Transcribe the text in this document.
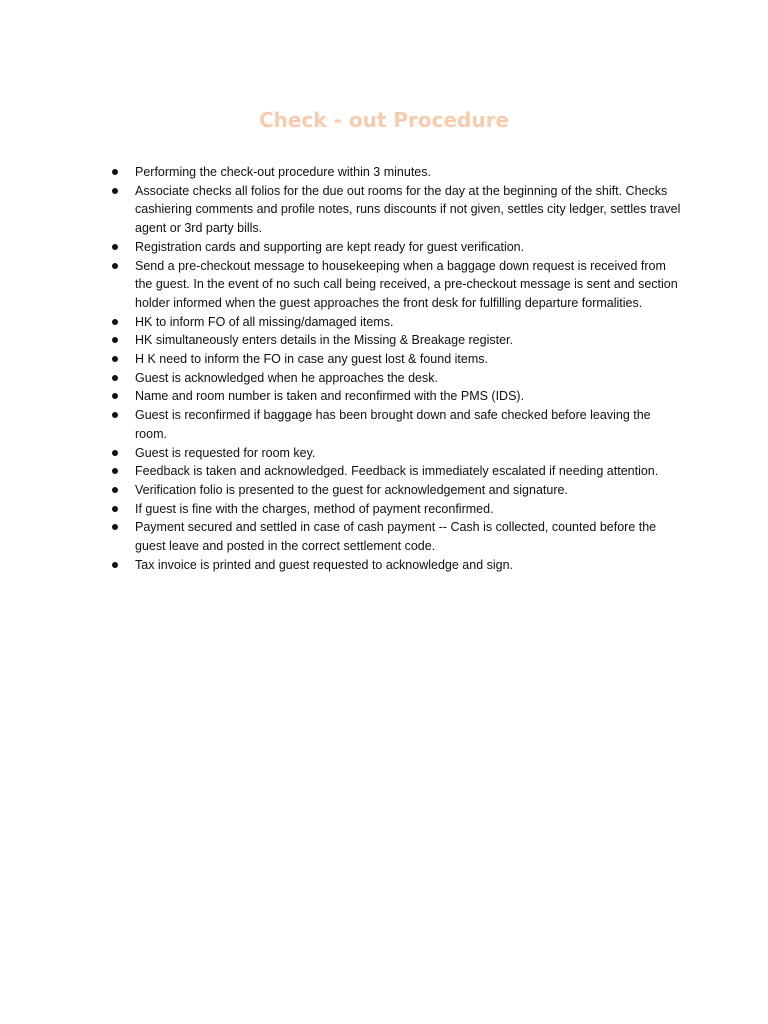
Check - out Procedure
Performing the check-out procedure within 3 minutes.
Associate checks all folios for the due out rooms for the day at the beginning of the shift. Checks cashiering comments and profile notes, runs discounts if not given, settles city ledger, settles travel agent or 3rd party bills.
Registration cards and supporting are kept ready for guest verification.
Send a pre-checkout message to housekeeping when a baggage down request is received from the guest. In the event of no such call being received, a pre-checkout message is sent and section holder informed when the guest approaches the front desk for fulfilling departure formalities.
HK to inform FO of all missing/damaged items.
HK simultaneously enters details in the Missing & Breakage register.
H K need to inform the FO in case any guest lost & found items.
Guest is acknowledged when he approaches the desk.
Name and room number is taken and reconfirmed with the PMS (IDS).
Guest is reconfirmed if baggage has been brought down and safe checked before leaving the room.
Guest is requested for room key.
Feedback is taken and acknowledged. Feedback is immediately escalated if needing attention.
Verification folio is presented to the guest for acknowledgement and signature.
If guest is fine with the charges, method of payment reconfirmed.
Payment secured and settled in case of cash payment -- Cash is collected, counted before the guest leave and posted in the correct settlement code.
Tax invoice is printed and guest requested to acknowledge and sign.
